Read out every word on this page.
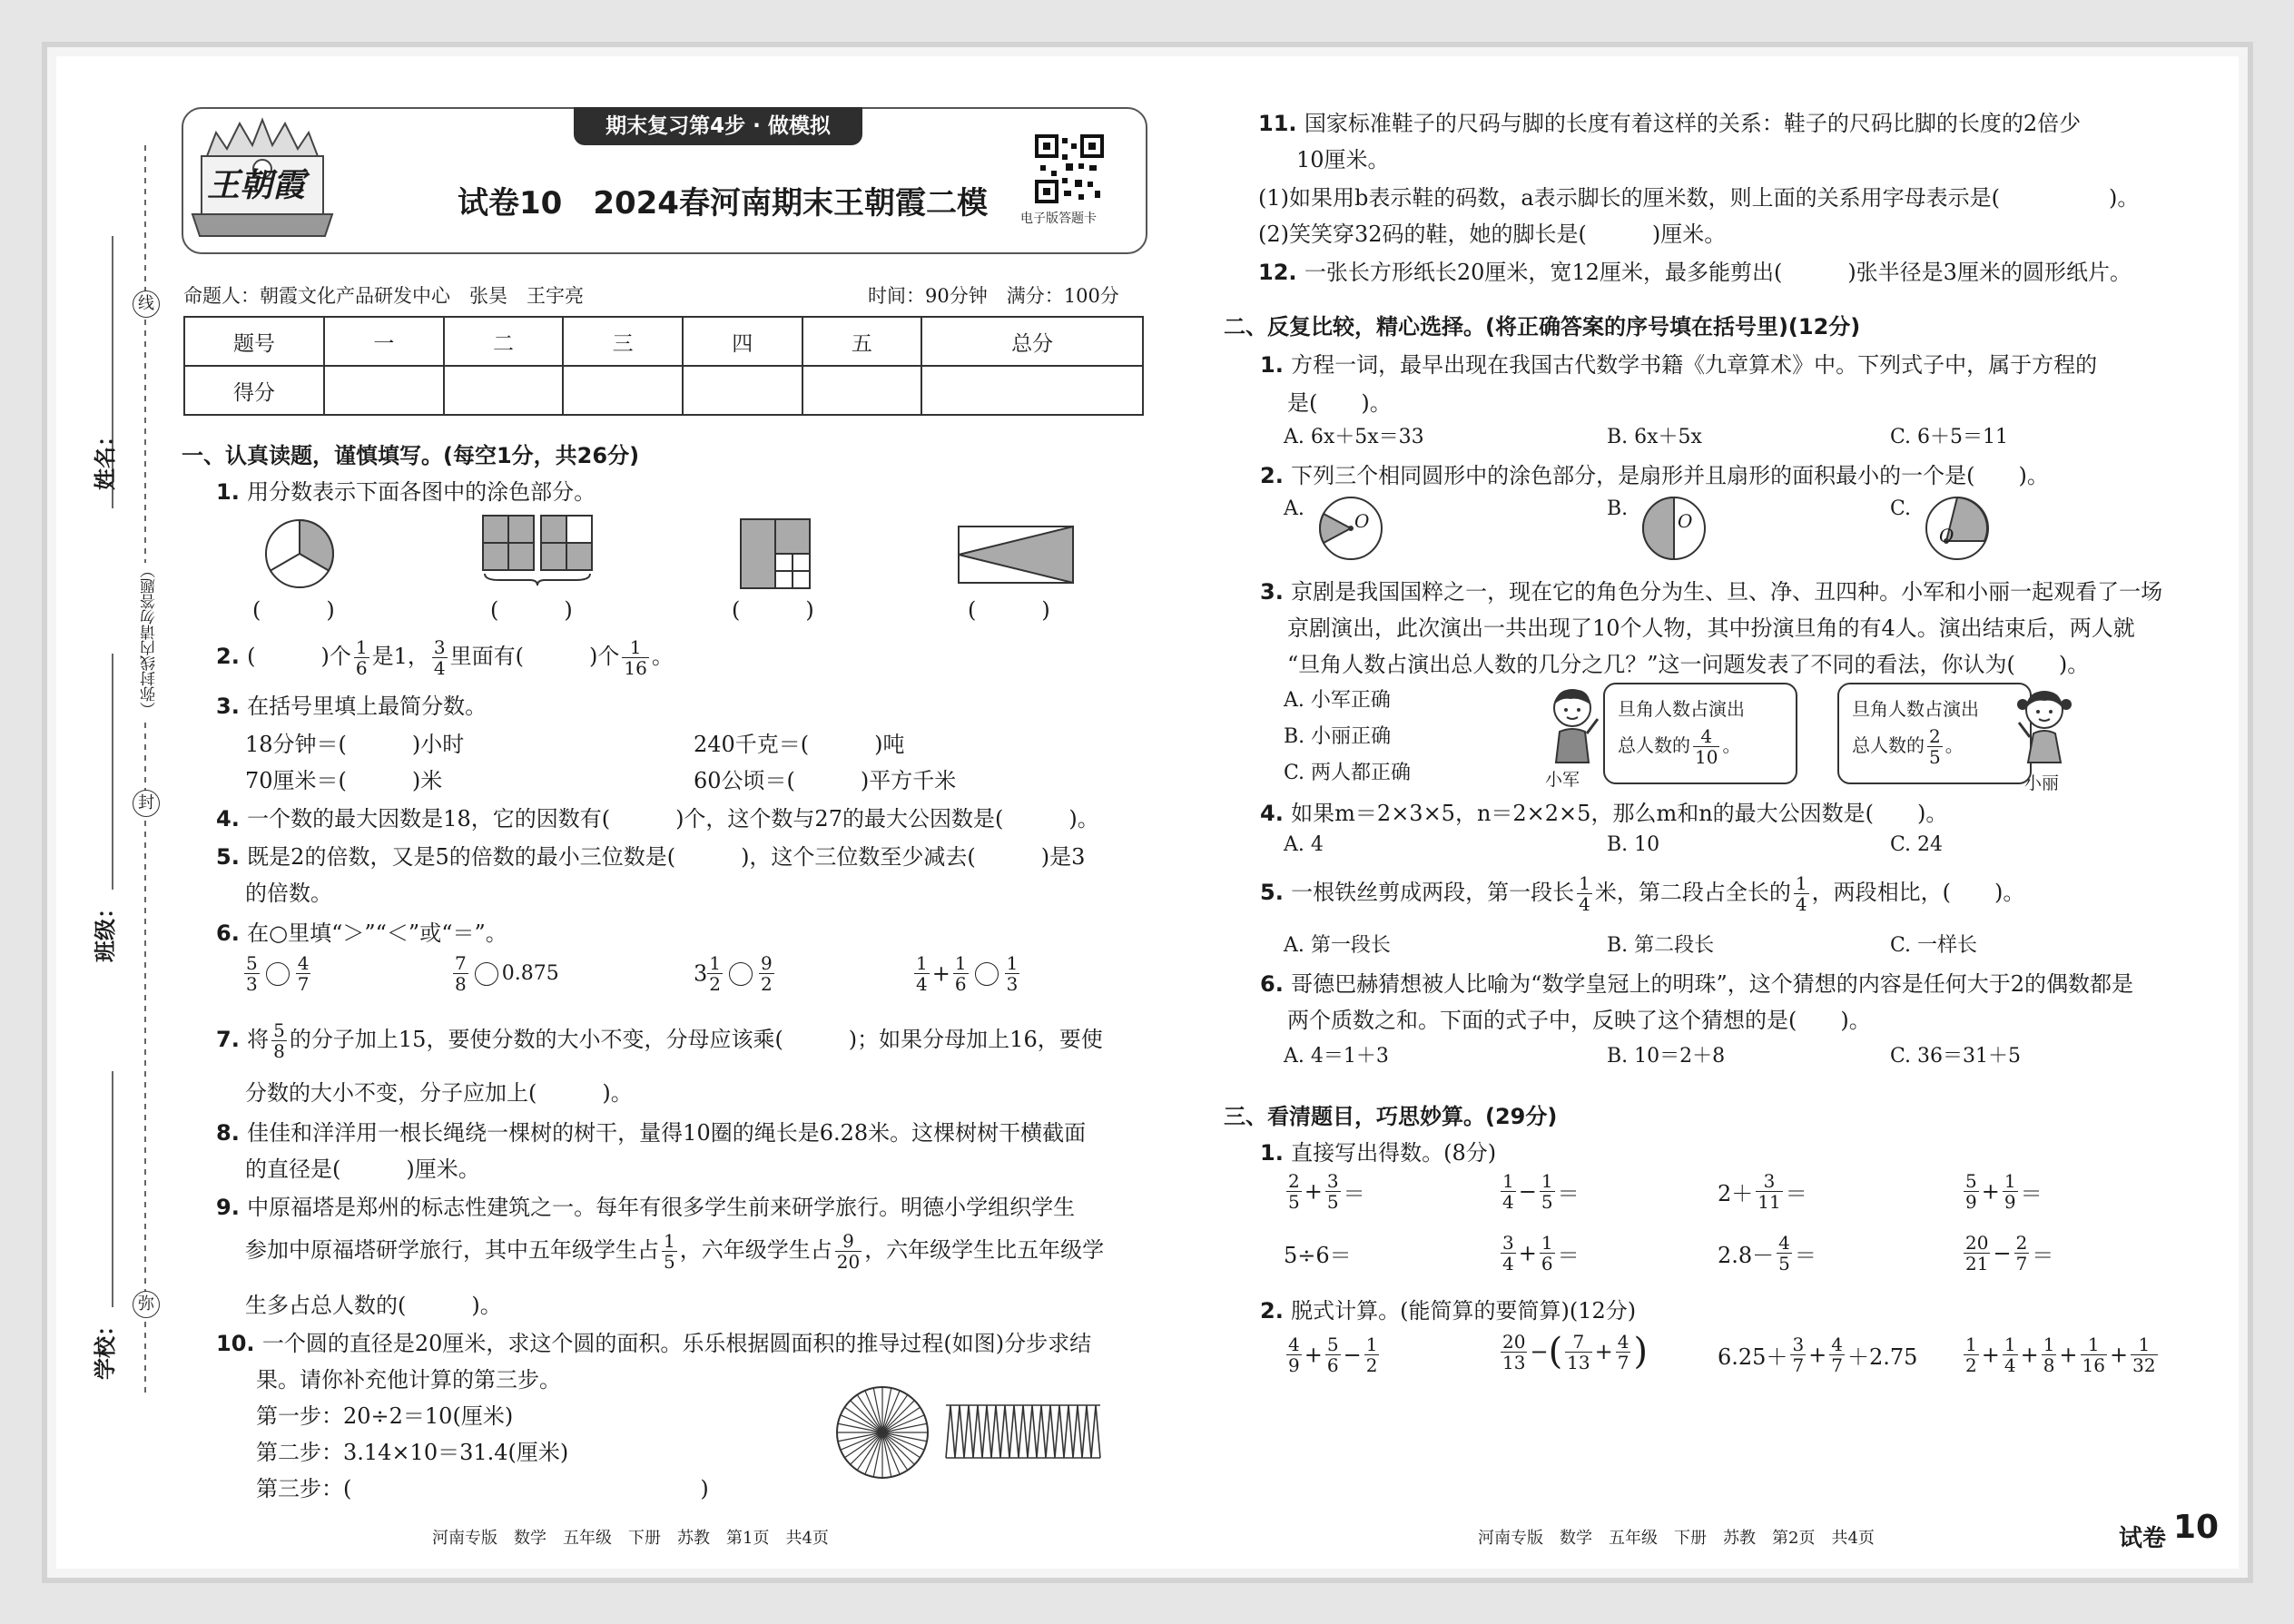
线
封
弥
（弥封线内请勿答题）
姓名：
班级：
学校：
期末复习第4步 · 做模拟
王朝霞	试卷10　2024春河南期末王朝霞二模	电子版答题卡
命题人：朝霞文化产品研发中心　张昊　王宇亮	时间：90分钟　满分：100分
题号	一	二	三	四	五	总分
得分						
一、认真读题，谨慎填写。(每空1分，共26分)
1. 用分数表示下面各图中的涂色部分。
(　　　)	(　　　)	(　　　)	(　　　)
2. (　　　)个 $\frac{1}{6}$ 是1， $\frac{3}{4}$ 里面有(　　　)个 $\frac{1}{16}$ 。
3. 在括号里填上最简分数。
18分钟＝(　　　)小时	240千克＝(　　　)吨
70厘米＝(　　　)米	60公顷＝(　　　)平方千米
4. 一个数的最大因数是18，它的因数有(　　　)个，这个数与27的最大公因数是(　　　)。
5. 既是2的倍数，又是5的倍数的最小三位数是(　　　)，这个三位数至少减去(　　　)是3
的倍数。
6. 在○里填“＞”“＜”或“＝”。
$\frac{5}{3} \frac{4}{7}$	$\frac{7}{8} 0.875$	$3 \frac{1}{2} \frac{9}{2}$	$\frac{1}{4} + \frac{1}{6} \frac{1}{3}$
7. 将 $\frac{5}{8}$ 的分子加上15，要使分数的大小不变，分母应该乘(　　　)；如果分母加上16，要使
分数的大小不变，分子应加上(　　　)。
8. 佳佳和洋洋用一根长绳绕一棵树的树干，量得10圈的绳长是6.28米。这棵树树干横截面
的直径是(　　　)厘米。
9. 中原福塔是郑州的标志性建筑之一。每年有很多学生前来研学旅行。明德小学组织学生
参加中原福塔研学旅行，其中五年级学生占 $\frac{1}{5}$ ，六年级学生占 $\frac{9}{20}$ ，六年级学生比五年级学
生多占总人数的(　　　)。
10. 一个圆的直径是20厘米，求这个圆的面积。乐乐根据圆面积的推导过程(如图)分步求结
果。请你补充他计算的第三步。
第一步：20÷2＝10(厘米)
第二步：3.14×10＝31.4(厘米)
第三步：(　　　　　　　　　　　　　　　　)
河南专版　数学　五年级　下册　苏教　第1页　共4页
11. 国家标准鞋子的尺码与脚的长度有着这样的关系：鞋子的尺码比脚的长度的2倍少
10厘米。
(1)如果用b表示鞋的码数，a表示脚长的厘米数，则上面的关系用字母表示是(　　　　　)。
(2)笑笑穿32码的鞋，她的脚长是(　　　)厘米。
12. 一张长方形纸长20厘米，宽12厘米，最多能剪出(　　　)张半径是3厘米的圆形纸片。
二、反复比较，精心选择。(将正确答案的序号填在括号里)(12分)
1. 方程一词，最早出现在我国古代数学书籍《九章算术》中。下列式子中，属于方程的
是(　　)。
A. 6x＋5x＝33	B. 6x＋5x	C. 6＋5＝11
2. 下列三个相同圆形中的涂色部分，是扇形并且扇形的面积最小的一个是(　　)。
A.	B.	C.
O	O
O
3. 京剧是我国国粹之一，现在它的角色分为生、旦、净、丑四种。小军和小丽一起观看了一场
京剧演出，此次演出一共出现了10个人物，其中扮演旦角的有4人。演出结束后，两人就
“旦角人数占演出总人数的几分之几？”这一问题发表了不同的看法，你认为(　　)。
A. 小军正确
B. 小丽正确
C. 两人都正确	小军
旦角人数占演出
总人数的 $\frac{4}{10}$ 。
旦角人数占演出
总人数的 $\frac{2}{5}$ 。
小丽
4. 如果m＝2×3×5，n＝2×2×5，那么m和n的最大公因数是(　　)。
A. 4	B. 10	C. 24
5. 一根铁丝剪成两段，第一段长 $\frac{1}{4}$ 米，第二段占全长的 $\frac{1}{4}$ ，两段相比，(　　)。
A. 第一段长	B. 第二段长	C. 一样长
6. 哥德巴赫猜想被人比喻为“数学皇冠上的明珠”，这个猜想的内容是任何大于2的偶数都是
两个质数之和。下面的式子中，反映了这个猜想的是(　　)。
A. 4＝1＋3	B. 10＝2＋8	C. 36＝31＋5
三、看清题目，巧思妙算。(29分)
1. 直接写出得数。(8分)
$\frac{2}{5} + \frac{3}{5}$ ＝	$\frac{1}{4} - \frac{1}{5}$ ＝	$2+ \frac{3}{11}$ ＝	$\frac{5}{9} + \frac{1}{9}$ ＝
5÷6＝	$\frac{3}{4} + \frac{1}{6}$ ＝	$2.8- \frac{4}{5}$ ＝	$\frac{20}{21} - \frac{2}{7}$ ＝
2. 脱式计算。(能简算的要简算)(12分)
$\frac{4}{9} + \frac{5}{6} - \frac{1}{2}$	$\frac{20}{13}$ −( $\frac{7}{13} + \frac{4}{7}$ )	$6.25+ \frac{3}{7} + \frac{4}{7} +2.75$	$\frac{1}{2} + \frac{1}{4} + \frac{1}{8} + \frac{1}{16} + \frac{1}{32}$
河南专版　数学　五年级　下册　苏教　第2页　共4页	试卷 10
